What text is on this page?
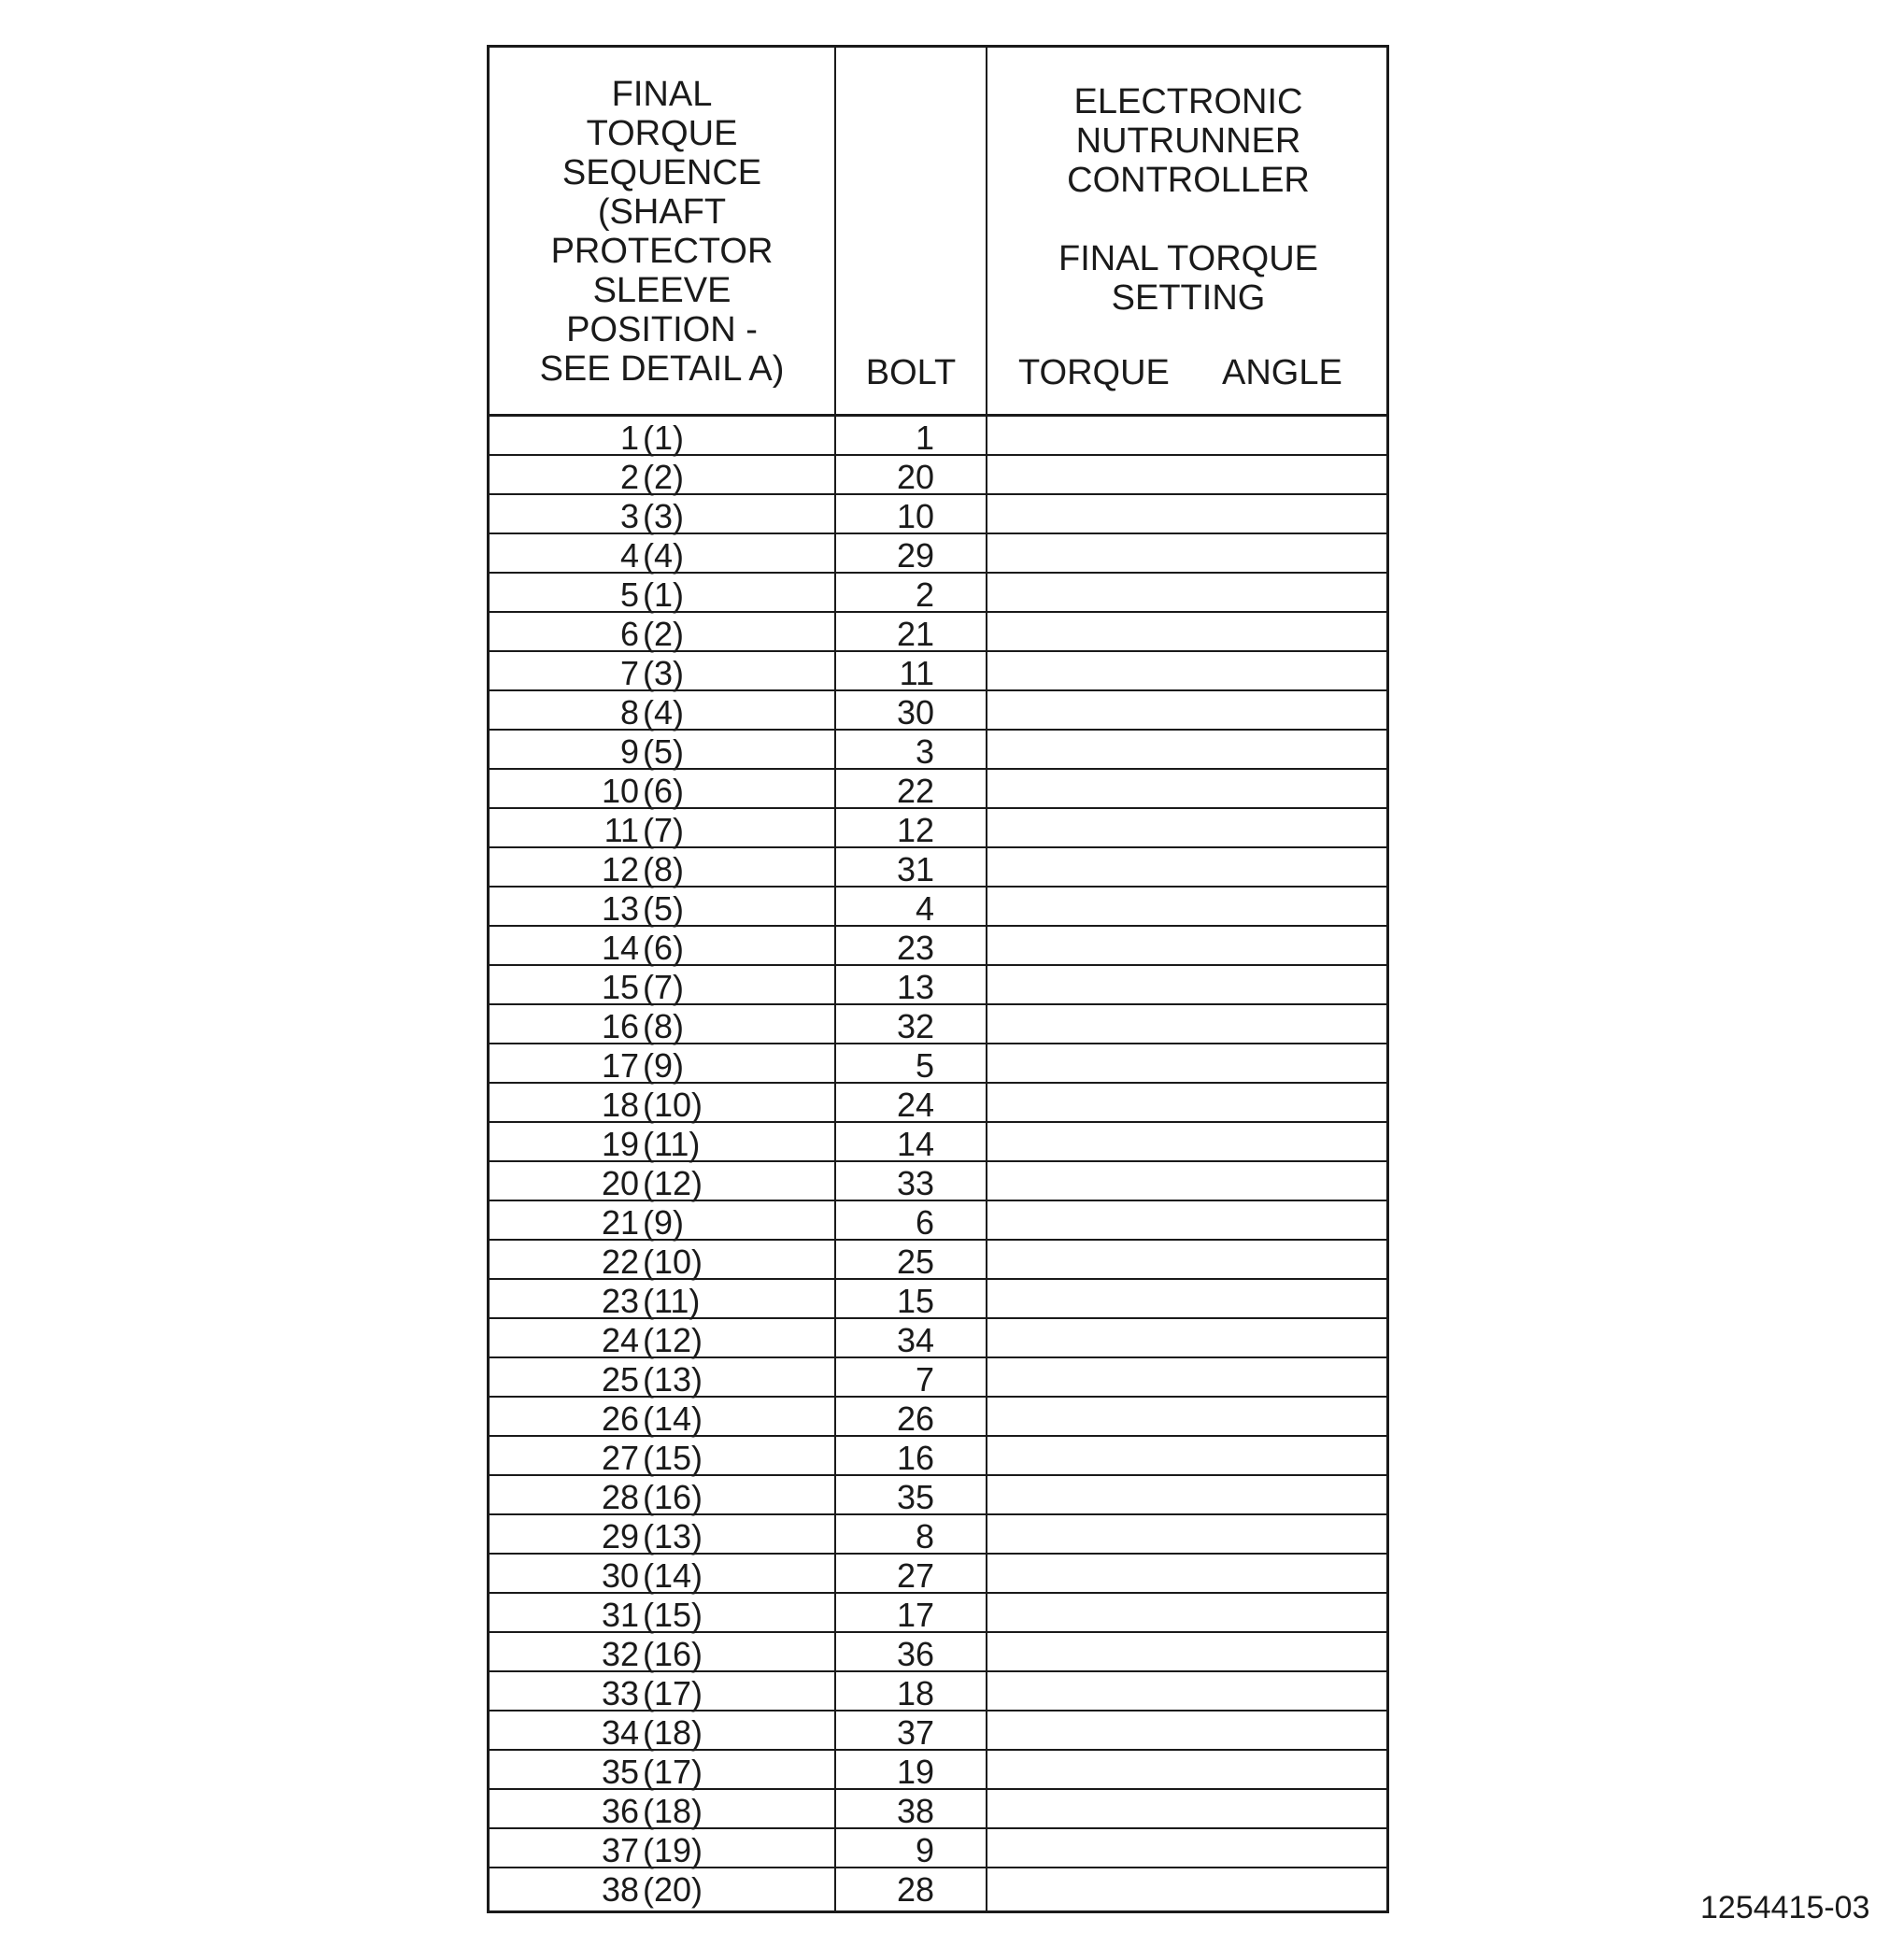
FINAL
TORQUE
SEQUENCE
(SHAFT
PROTECTOR
SLEEVE
POSITION -
SEE DETAIL A)	BOLT

ELECTRONIC
NUTRUNNER
CONTROLLER

FINAL TORQUE
SETTING

TORQUE ANGLE
1 (1)	1
2 (2)	20
3 (3)	10
4 (4)	29
5 (1)	2
6 (2)	21
7 (3)	11
8 (4)	30
9 (5)	3
10 (6)	22
11 (7)	12
12 (8)	31
13 (5)	4
14 (6)	23
15 (7)	13
16 (8)	32
17 (9)	5
18 (10)	24
19 (11)	14
20 (12)	33
21 (9)	6
22 (10)	25
23 (11)	15
24 (12)	34
25 (13)	7
26 (14)	26
27 (15)	16
28 (16)	35
29 (13)	8
30 (14)	27
31 (15)	17
32 (16)	36
33 (17)	18
34 (18)	37
35 (17)	19
36 (18)	38
37 (19)	9
38 (20)	28	1254415-03
